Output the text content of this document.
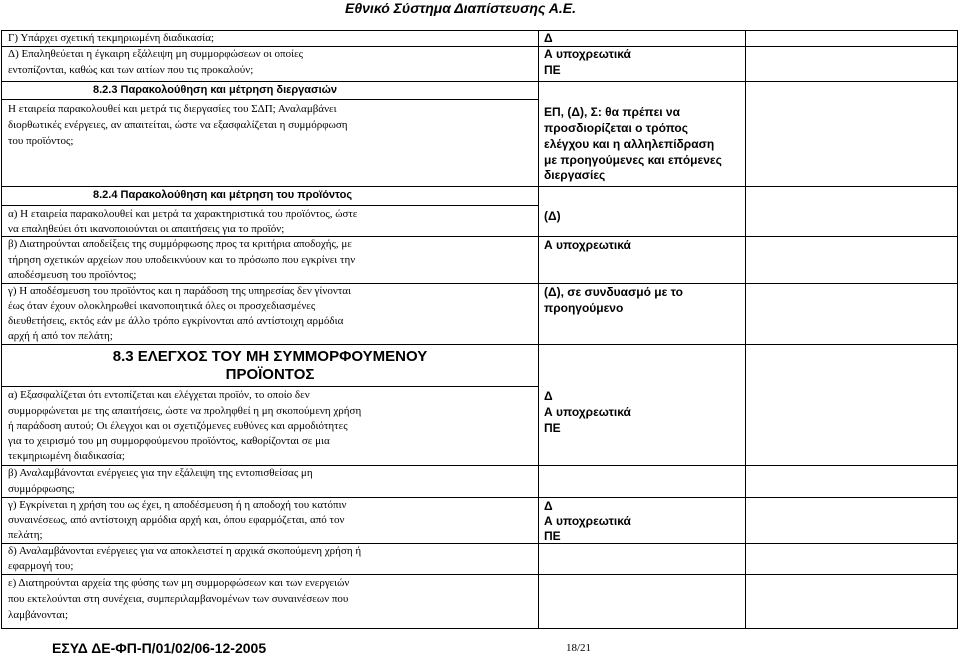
Εθνικό Σύστημα Διαπίστευσης Α.Ε.
Γ) Υπάρχει σχετική τεκμηριωμένη διαδικασία;
Δ) Επαληθεύεται η έγκαιρη εξάλειψη μη συμμορφώσεων οι οποίες
εντοπίζονται, καθώς και των αιτίων που τις προκαλούν;
Δ
Α υποχρεωτικά
ΠΕ
8.2.3 Παρακολούθηση και μέτρηση διεργασιών
Η εταιρεία παρακολουθεί και μετρά τις διεργασίες του ΣΔΠ; Αναλαμβάνει
διορθωτικές ενέργειες, αν απαιτείται, ώστε να εξασφαλίζεται η συμμόρφωση
του προϊόντος;
ΕΠ, (Δ), Σ: θα πρέπει να
προσδιορίζεται ο τρόπος
ελέγχου και η αλληλεπίδραση
με προηγούμενες και επόμενες
διεργασίες
8.2.4 Παρακολούθηση και μέτρηση του προϊόντος
α) Η εταιρεία παρακολουθεί και μετρά τα χαρακτηριστικά του προϊόντος, ώστε
να επαληθεύει ότι ικανοποιούνται οι απαιτήσεις για το προϊόν;
(Δ)
β) Διατηρούνται αποδείξεις της συμμόρφωσης προς τα κριτήρια αποδοχής, με
τήρηση σχετικών αρχείων που υποδεικνύουν και το πρόσωπο που εγκρίνει την
αποδέσμευση του προϊόντος;
Α υποχρεωτικά
γ) Η αποδέσμευση του προϊόντος και η παράδοση της υπηρεσίας δεν γίνονται
έως όταν έχουν ολοκληρωθεί ικανοποιητικά όλες οι προσχεδιασμένες
διευθετήσεις, εκτός εάν με άλλο τρόπο εγκρίνονται από αντίστοιχη αρμόδια
αρχή ή από τον πελάτη;
(Δ), σε συνδυασμό με το
προηγούμενο
8.3 ΕΛΕΓΧΟΣ ΤΟΥ ΜΗ ΣΥΜΜΟΡΦΟΥΜΕΝΟΥ
ΠΡΟΪΟΝΤΟΣ
α) Εξασφαλίζεται ότι εντοπίζεται και ελέγχεται προϊόν, το οποίο δεν
συμμορφώνεται με της απαιτήσεις, ώστε να προληφθεί η μη σκοπούμενη χρήση
ή παράδοση αυτού; Οι έλεγχοι και οι σχετιζόμενες ευθύνες και αρμοδιότητες
για το χειρισμό του μη συμμορφούμενου προϊόντος, καθορίζονται σε μια
τεκμηριωμένη διαδικασία;
Δ
Α υποχρεωτικά
ΠΕ
β) Αναλαμβάνονται ενέργειες για την εξάλειψη της εντοπισθείσας μη
συμμόρφωσης;
γ) Εγκρίνεται η χρήση του ως έχει, η αποδέσμευση ή η αποδοχή του κατόπιν
συναινέσεως, από αντίστοιχη αρμόδια αρχή και, όπου εφαρμόζεται, από τον
πελάτη;
Δ
Α υποχρεωτικά
ΠΕ
δ) Αναλαμβάνονται ενέργειες για να αποκλειστεί η αρχικά σκοπούμενη χρήση ή
εφαρμογή του;
ε) Διατηρούνται αρχεία της φύσης των μη συμμορφώσεων και των ενεργειών
που εκτελούνται στη συνέχεια, συμπεριλαμβανομένων των συναινέσεων που
λαμβάνονται;
ΕΣΥΔ ΔΕ-ΦΠ-Π/01/02/06-12-2005	18/21
